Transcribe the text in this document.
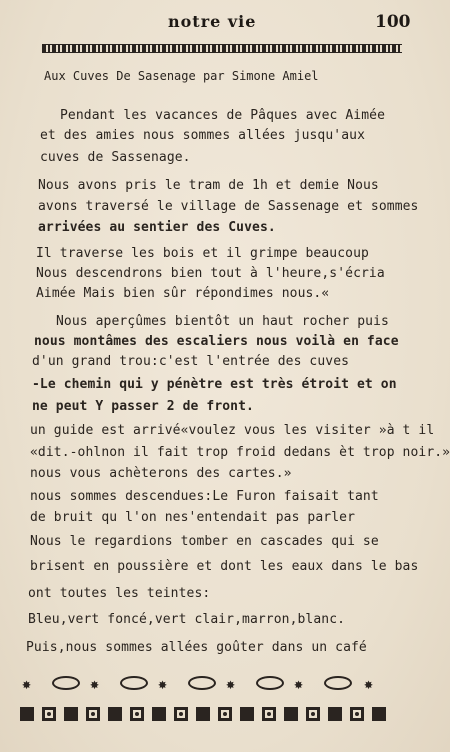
notre vie	100
Aux Cuves De Sasenage par Simone Amiel
Pendant les vacances de Pâques avec Aimée
et des amies nous sommes allées jusqu'aux
cuves de Sassenage.
Nous avons pris le tram de 1h et demie Nous
avons traversé le village de Sassenage et sommes
arrivées au sentier des Cuves.
Il traverse les bois et il grimpe beaucoup
Nous descendrons bien tout à l'heure,s'écria
Aimée Mais bien sûr répondimes nous.«
Nous aperçûmes bientôt un haut rocher puis
nous montâmes des escaliers nous voilà en face
d'un grand trou:c'est l'entrée des cuves
-Le chemin qui y pénètre est très étroit et on
ne peut Y passer 2 de front.
un guide est arrivé«voulez vous les visiter »à t il
«dit.-ohlnon il fait trop froid dedans èt trop noir.»
nous vous achèterons des cartes.»
nous sommes descendues:Le Furon faisait tant
de bruit qu l'on nes'entendait pas parler
Nous le regardions tomber en cascades qui se
brisent en poussière et dont les eaux dans le bas
ont toutes les teintes:
Bleu,vert foncé,vert clair,marron,blanc.
Puis,nous sommes allées goûter dans un café
✸	✸	✸	✸	✸	✸
